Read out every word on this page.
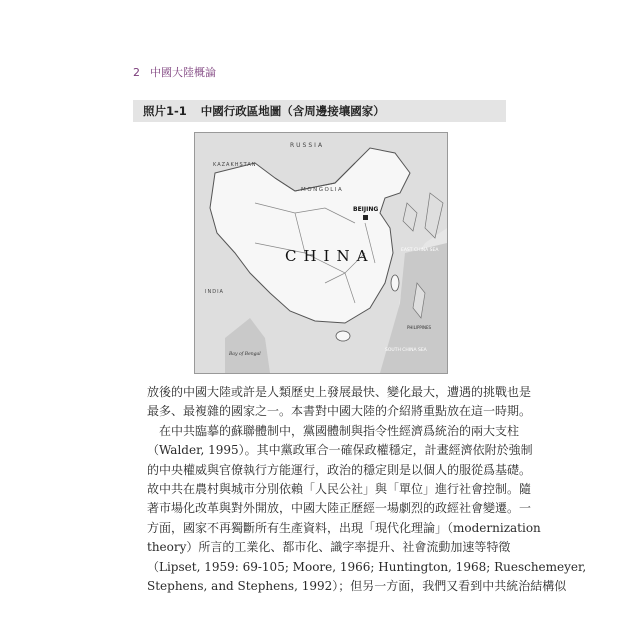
2 中國大陸概論
照片1-1 中國行政區地圖（含周邊接壤國家）
RUSSIA
KAZAKHSTAN
MONGOLIA
BEIJING
CHINA	EAST CHINA SEA
SOUTH CHINA SEA
PHILIPPINES
Bay of Bengal
INDIA
放後的中國大陸或許是人類歷史上發展最快、變化最大，遭遇的挑戰也是
最多、最複雜的國家之一。本書對中國大陸的介紹將重點放在這一時期。
　在中共臨摹的蘇聯體制中，黨國體制與指令性經濟爲統治的兩大支柱
（Walder, 1995）。其中黨政軍合一確保政權穩定，計畫經濟依附於強制
的中央權威與官僚執行方能運行，政治的穩定則是以個人的服從爲基礎。
故中共在農村與城市分別依賴「人民公社」與「單位」進行社會控制。隨
著市場化改革與對外開放，中國大陸正歷經一場劇烈的政經社會變遷。一
方面，國家不再獨斷所有生產資料，出現「現代化理論」（modernization
theory）所言的工業化、都市化、識字率提升、社會流動加速等特徵
（Lipset, 1959: 69-105; Moore, 1966; Huntington, 1968; Rueschemeyer,
Stephens, and Stephens, 1992）；但另一方面，我們又看到中共統治結構似
